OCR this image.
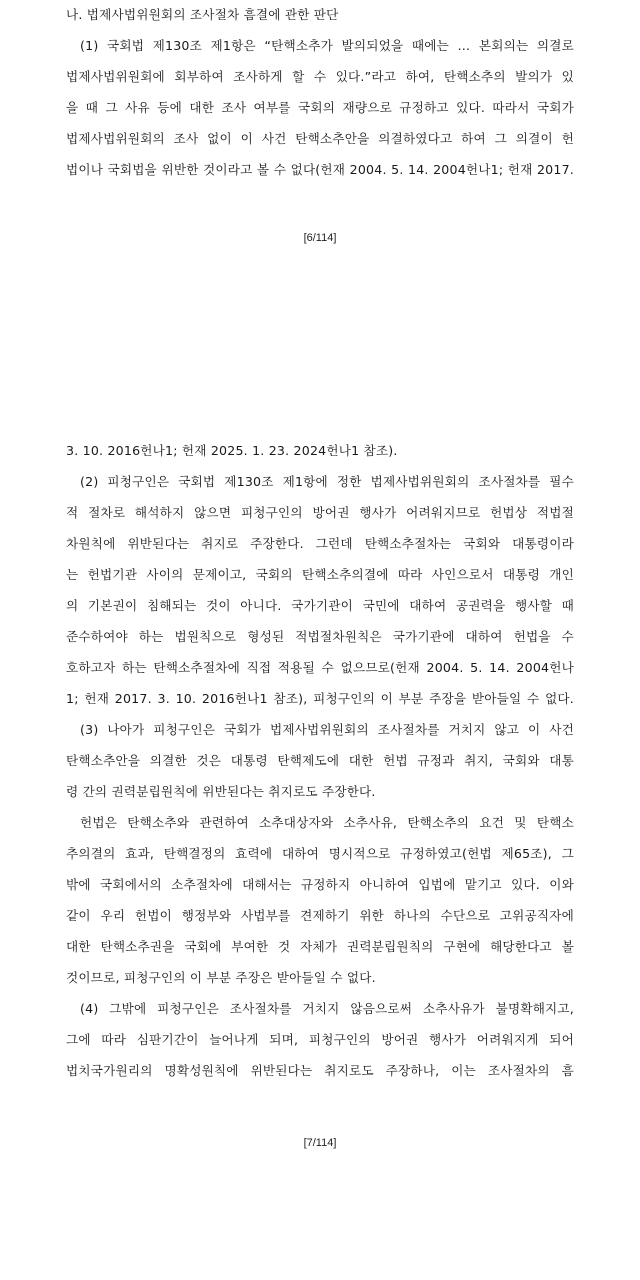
나. 법제사법위원회의 조사절차 흠결에 관한 판단
(1) 국회법 제130조 제1항은 “탄핵소추가 발의되었을 때에는 … 본회의는 의결로
법제사법위원회에 회부하여 조사하게 할 수 있다.”라고 하여, 탄핵소추의 발의가 있
을 때 그 사유 등에 대한 조사 여부를 국회의 재량으로 규정하고 있다. 따라서 국회가
법제사법위원회의 조사 없이 이 사건 탄핵소추안을 의결하였다고 하여 그 의결이 헌
법이나 국회법을 위반한 것이라고 볼 수 없다(헌재 2004. 5. 14. 2004헌나1; 헌재 2017.
[6/114]
3. 10. 2016헌나1; 헌재 2025. 1. 23. 2024헌나1 참조).
(2) 피청구인은 국회법 제130조 제1항에 정한 법제사법위원회의 조사절차를 필수
적 절차로 해석하지 않으면 피청구인의 방어권 행사가 어려워지므로 헌법상 적법절
차원칙에 위반된다는 취지로 주장한다. 그런데 탄핵소추절차는 국회와 대통령이라
는 헌법기관 사이의 문제이고, 국회의 탄핵소추의결에 따라 사인으로서 대통령 개인
의 기본권이 침해되는 것이 아니다. 국가기관이 국민에 대하여 공권력을 행사할 때
준수하여야 하는 법원칙으로 형성된 적법절차원칙은 국가기관에 대하여 헌법을 수
호하고자 하는 탄핵소추절차에 직접 적용될 수 없으므로(헌재 2004. 5. 14. 2004헌나
1; 헌재 2017. 3. 10. 2016헌나1 참조), 피청구인의 이 부분 주장을 받아들일 수 없다.
(3) 나아가 피청구인은 국회가 법제사법위원회의 조사절차를 거치지 않고 이 사건
탄핵소추안을 의결한 것은 대통령 탄핵제도에 대한 헌법 규정과 취지, 국회와 대통
령 간의 권력분립원칙에 위반된다는 취지로도 주장한다.
헌법은 탄핵소추와 관련하여 소추대상자와 소추사유, 탄핵소추의 요건 및 탄핵소
추의결의 효과, 탄핵결정의 효력에 대하여 명시적으로 규정하였고(헌법 제65조), 그
밖에 국회에서의 소추절차에 대해서는 규정하지 아니하여 입법에 맡기고 있다. 이와
같이 우리 헌법이 행정부와 사법부를 견제하기 위한 하나의 수단으로 고위공직자에
대한 탄핵소추권을 국회에 부여한 것 자체가 권력분립원칙의 구현에 해당한다고 볼
것이므로, 피청구인의 이 부분 주장은 받아들일 수 없다.
(4) 그밖에 피청구인은 조사절차를 거치지 않음으로써 소추사유가 불명확해지고,
그에 따라 심판기간이 늘어나게 되며, 피청구인의 방어권 행사가 어려워지게 되어
법치국가원리의 명확성원칙에 위반된다는 취지로도 주장하나, 이는 조사절차의 흠
[7/114]
